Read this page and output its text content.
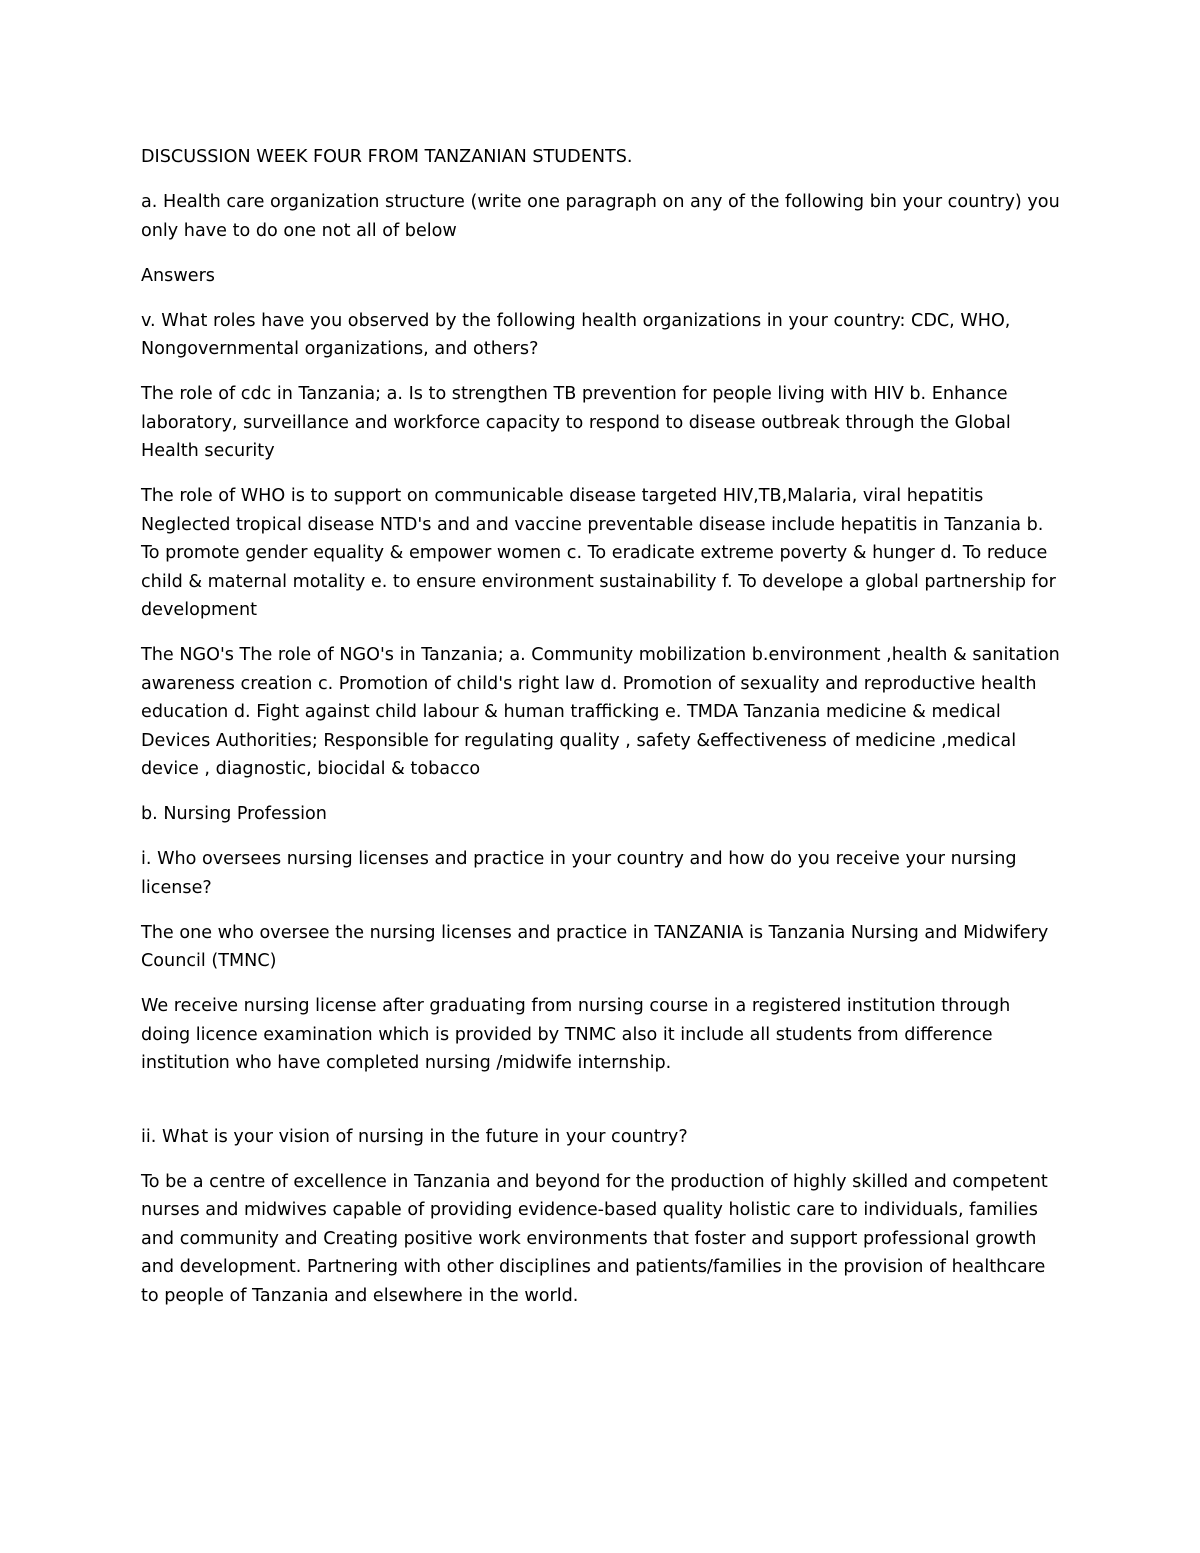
DISCUSSION WEEK FOUR FROM TANZANIAN STUDENTS.

a. Health care organization structure (write one paragraph on any of the following bin your country) you only have to do one not all of below

Answers

v. What roles have you observed by the following health organizations in your country: CDC, WHO, Nongovernmental organizations, and others?

The role of cdc in Tanzania; a. Is to strengthen TB prevention for people living with HIV b. Enhance laboratory, surveillance and workforce capacity to respond to disease outbreak through the Global Health security

The role of WHO is to support on communicable disease targeted HIV,TB,Malaria, viral hepatitis Neglected tropical disease NTD's and and vaccine preventable disease include hepatitis in Tanzania b. To promote gender equality & empower women c. To eradicate extreme poverty & hunger d. To reduce child & maternal motality e. to ensure environment sustainability f. To develope a global partnership for development

The NGO's The role of NGO's in Tanzania; a. Community mobilization b.environment ,health & sanitation awareness creation c. Promotion of child's right law d. Promotion of sexuality and reproductive health education d. Fight against child labour & human trafficking e. TMDA Tanzania medicine & medical Devices Authorities; Responsible for regulating quality , safety &effectiveness of medicine ,medical device , diagnostic, biocidal & tobacco

b. Nursing Profession

i. Who oversees nursing licenses and practice in your country and how do you receive your nursing license?

The one who oversee the nursing licenses and practice in TANZANIA is Tanzania Nursing and Midwifery Council (TMNC)

We receive nursing license after graduating from nursing course in a registered institution through doing licence examination which is provided by TNMC also it include all students from difference institution who have completed nursing /midwife internship.

ii. What is your vision of nursing in the future in your country?

To be a centre of excellence in Tanzania and beyond for the production of highly skilled and competent nurses and midwives capable of providing evidence-based quality holistic care to individuals, families and community and Creating positive work environments that foster and support professional growth and development. Partnering with other disciplines and patients/families in the provision of healthcare to people of Tanzania and elsewhere in the world.
